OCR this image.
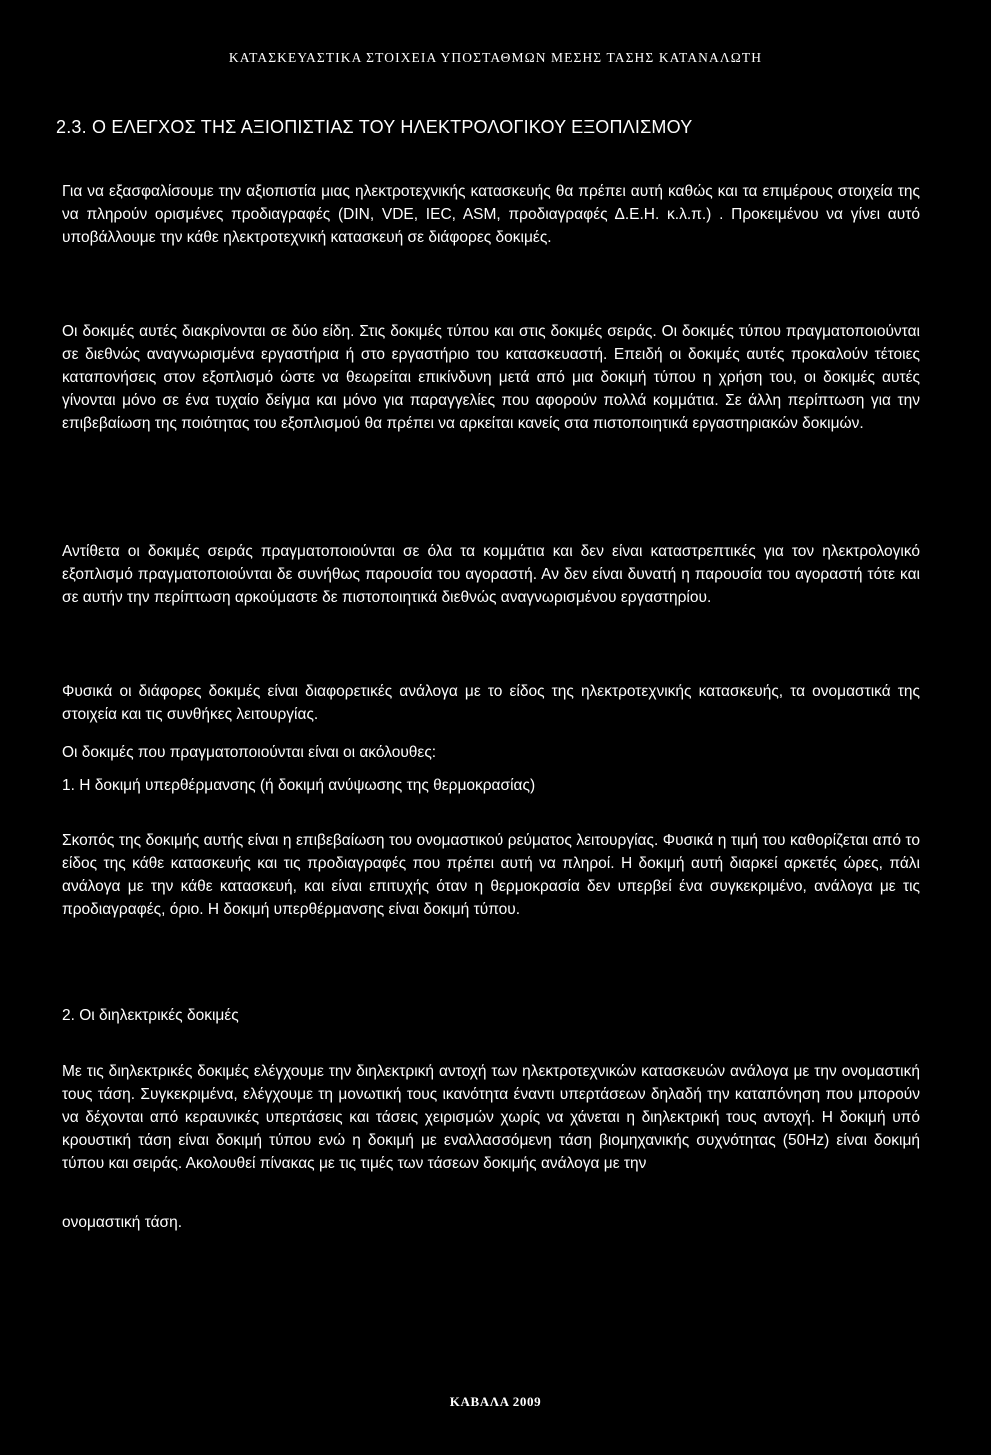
ΚΑΤΑΣΚΕΥΑΣΤΙΚΑ ΣΤΟΙΧΕΙΑ ΥΠΟΣΤΑΘΜΩΝ ΜΕΣΗΣ ΤΑΣΗΣ ΚΑΤΑΝΑΛΩΤΗ
2.3. Ο ΕΛΕΓΧΟΣ ΤΗΣ ΑΞΙΟΠΙΣΤΙΑΣ ΤΟΥ ΗΛΕΚΤΡΟΛΟΓΙΚΟΥ ΕΞΟΠΛΙΣΜΟΥ

Για να εξασφαλίσουμε την αξιοπιστία μιας ηλεκτροτεχνικής κατασκευής θα πρέπει αυτή καθώς και τα επιμέρους στοιχεία της να πληρούν ορισμένες προδιαγραφές (DIN, VDE, IEC, ASM, προδιαγραφές Δ.Ε.Η. κ.λ.π.) . Προκειμένου να γίνει αυτό υποβάλλουμε την κάθε ηλεκτροτεχνική κατασκευή σε διάφορες δοκιμές.

Οι δοκιμές αυτές διακρίνονται σε δύο είδη. Στις δοκιμές τύπου και στις δοκιμές σειράς. Οι δοκιμές τύπου πραγματοποιούνται σε διεθνώς αναγνωρισμένα εργαστήρια ή στο εργαστήριο του κατασκευαστή. Επειδή οι δοκιμές αυτές προκαλούν τέτοιες καταπονήσεις στον εξοπλισμό ώστε να θεωρείται επικίνδυνη μετά από μια δοκιμή τύπου η χρήση του, οι δοκιμές αυτές γίνονται μόνο σε ένα τυχαίο δείγμα και μόνο για παραγγελίες που αφορούν πολλά κομμάτια. Σε άλλη περίπτωση για την επιβεβαίωση της ποιότητας του εξοπλισμού θα πρέπει να αρκείται κανείς στα πιστοποιητικά εργαστηριακών δοκιμών.

Αντίθετα οι δοκιμές σειράς πραγματοποιούνται σε όλα τα κομμάτια και δεν είναι καταστρεπτικές για τον ηλεκτρολογικό εξοπλισμό πραγματοποιούνται δε συνήθως παρουσία του αγοραστή. Αν δεν είναι δυνατή η παρουσία του αγοραστή τότε και σε αυτήν την περίπτωση αρκούμαστε δε πιστοποιητικά διεθνώς αναγνωρισμένου εργαστηρίου.

Φυσικά οι διάφορες δοκιμές είναι διαφορετικές ανάλογα με το είδος της ηλεκτροτεχνικής κατασκευής, τα ονομαστικά της στοιχεία και τις συνθήκες λειτουργίας.

Οι δοκιμές που πραγματοποιούνται είναι οι ακόλουθες:

1. Η δοκιμή υπερθέρμανσης (ή δοκιμή ανύψωσης της θερμοκρασίας)

Σκοπός της δοκιμής αυτής είναι η επιβεβαίωση του ονομαστικού ρεύματος λειτουργίας. Φυσικά η τιμή του καθορίζεται από το είδος της κάθε κατασκευής και τις προδιαγραφές που πρέπει αυτή να πληροί. Η δοκιμή αυτή διαρκεί αρκετές ώρες, πάλι ανάλογα με την κάθε κατασκευή, και είναι επιτυχής όταν η θερμοκρασία δεν υπερβεί ένα συγκεκριμένο, ανάλογα με τις προδιαγραφές, όριο. Η δοκιμή υπερθέρμανσης είναι δοκιμή τύπου.

2. Οι διηλεκτρικές δοκιμές

Με τις διηλεκτρικές δοκιμές ελέγχουμε την διηλεκτρική αντοχή των ηλεκτροτεχνικών κατασκευών ανάλογα με την ονομαστική τους τάση. Συγκεκριμένα, ελέγχουμε τη μονωτική τους ικανότητα έναντι υπερτάσεων δηλαδή την καταπόνηση που μπορούν να δέχονται από κεραυνικές υπερτάσεις και τάσεις χειρισμών χωρίς να χάνεται η διηλεκτρική τους αντοχή. Η δοκιμή υπό κρουστική τάση είναι δοκιμή τύπου ενώ η δοκιμή με εναλλασσόμενη τάση βιομηχανικής συχνότητας (50Hz) είναι δοκιμή τύπου και σειράς. Ακολουθεί πίνακας με τις τιμές των τάσεων δοκιμής ανάλογα με την

ονομαστική τάση.

ΚΑΒΑΛΑ 2009
